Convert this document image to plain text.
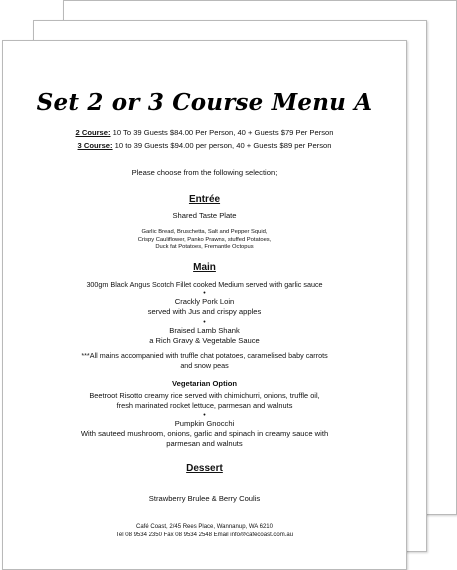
Set 2 or 3 Course Menu A
2 Course: 10 To 39 Guests $84.00 Per Person, 40 + Guests $79 Per Person
3 Course: 10 to 39 Guests $94.00 per person, 40 + Guests $89 per Person
Please choose from the following selection;
Entrée
Shared Taste Plate
Garlic Bread, Bruschetta, Salt and Pepper Squid,
Crispy Cauliflower, Panko Prawns, stuffed Potatoes,
Duck fat Potatoes, Fremantle Octopus
Main
300gm Black Angus Scotch Fillet cooked Medium served with garlic sauce
•
Crackly Pork Loin
served with Jus and crispy apples
•
Braised Lamb Shank
a Rich Gravy & Vegetable Sauce
***All mains accompanied with truffle chat potatoes, caramelised baby carrots
and snow peas
Vegetarian Option
Beetroot Risotto creamy rice served with chimichurri, onions, truffle oil,
fresh marinated rocket lettuce, parmesan and walnuts
•
Pumpkin Gnocchi
With sauteed mushroom, onions, garlic and spinach in creamy sauce with
parmesan and walnuts
Dessert
Strawberry Brulee & Berry Coulis
Café Coast, 2/45 Rees Place, Wannanup, WA 6210
Tel 08 9534 2350 Fax 08 9534 2548 Email info@cafecoast.com.au
